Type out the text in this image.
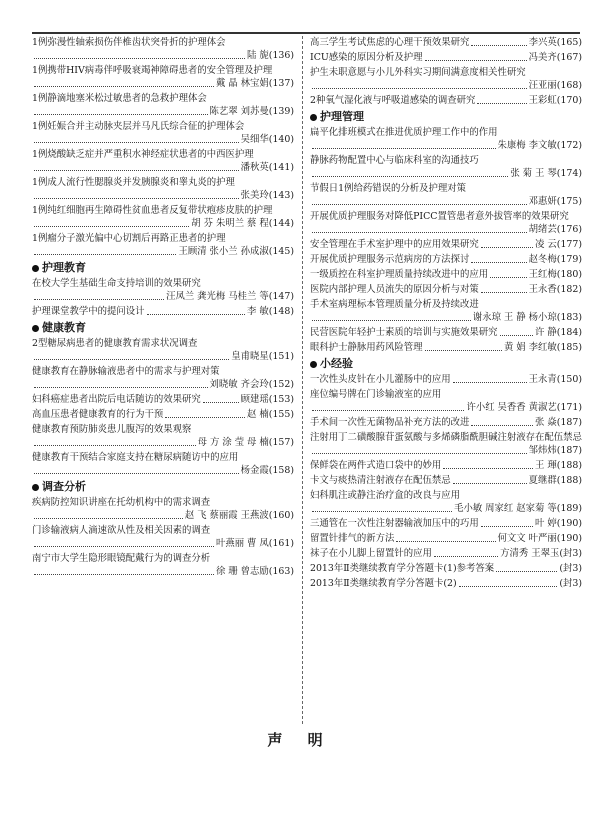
1例弥漫性轴索损伤伴椎齿状突骨折的护理体会
陆 旎 (136)
1例携带HIV病毒伴呼吸衰竭神障碍患者的安全管理及护理
戴 晶 林宝娟 (137)
1例静滴地塞米松过敏患者的急救护理体会
陈艺翠 刘苏曼 (139)
1例妊娠合并主动脉夹层并马凡氏综合征的护理体会
吴细华 (140)
1例烧酸缺乏症并严重积水神经症状患者的中西医护理
潘秋英 (141)
1例成人流行性腮腺炎并发胰腺炎和睾丸炎的护理
张美玲 (143)
1例纯红细胞再生障碍性贫血患者反复带状疱疹皮肤的护理
胡 芬 朱明兰 蔡 程 (144)
1例瘤分子激光偏中心切割后再路正患者的护理
王顾清 张小兰 孙成淑 (145)
护理教育
在校大学生基础生命支持培训的效果研究
汪凤兰 龚光梅 马桂兰 等 (147)
护理课堂教学中的提问设计	李 敏 (148)
健康教育
2型糖尿病患者的健康教育需求状况调查
皇甫晓星 (151)
健康教育在静脉输液患者中的需求与护理对策
刘晓敏 齐会玲 (152)
妇科癌症患者出院后电话随访的效果研究	顾建瑶 (153)
高血压患者健康教育的行为干预	赵 楠 (155)
健康教育预防肺炎患儿腹泻的效果观察
母 方 涂 莹 母 楠 (157)
健康教育干预结合家庭支持在糖尿病随访中的应用
杨金霞 (158)
调查分析
疾病防控知识讲座在托幼机构中的需求调查
赵 飞 蔡丽霞 王燕波 (160)
门诊输液病人滴速欲从性及相关因素的调查
叶燕丽 曹 凤 (161)
南宁市大学生隐形眼镜配戴行为的调查分析
徐 珊 曾志励 (163)
高三学生考试焦虑的心理干预效果研究	李兴英 (165)
ICU感染的原因分析及护理	冯美齐 (167)
护生未职意愿与小儿外科实习期间满意度相关性研究
汪亚丽 (168)
2种氧气湿化液与呼吸道感染的调查研究	王彩虹 (170)
护理管理
扁平化排班模式在推进优质护理工作中的作用
朱康梅 李文敏 (172)
静脉药物配置中心与临床科室的沟通技巧
张 菊 王 琴 (174)
节假日1例给药错误的分析及护理对策
邓惠妍 (175)
开展优质护理服务对降低PICC置管患者意外拔管率的效果研究
胡绪芸 (176)
安全管理在手术室护理中的应用效果研究	凌 云 (177)
开展优质护理服务示范病房的方法探讨	赵冬梅 (179)
一级质控在科室护理质量持续改进中的应用	王红梅 (180)
医院内部护理人员流失的原因分析与对策	王永香 (182)
手术室病理标本管理质量分析及持续改进
谢永琼 王 静 杨小琼 (183)
民营医院年轻护士素质的培训与实施效果研究	许 静 (184)
眼科护士静脉用药风险管理	黄 娟 李红敏 (185)
小经验
一次性头皮针在小儿灌肠中的应用	王永青 (150)
座位编号牌在门诊输液室的应用
许小红 吴香香 黄淑艺 (171)
手术间一次性无菌物品补充方法的改进	张 焱 (187)
注射用丁二磺酸腺苷蛋氨酸与多烯磷脂酰胆碱注射液存在配伍禁忌
邹炜炜 (187)
保鲜袋在两件式造口袋中的妙用	王 琿 (188)
卡文与痰热清注射液存在配伍禁忌	夏继群 (188)
妇科肌注或静注治疗盒的改良与应用
毛小敏 周家红 赵家菊 等 (189)
三通管在一次性注射器输液加压中的巧用	叶 婷 (190)
留置针排气的新方法	何文文 叶严丽 (190)
袜子在小儿脚上留置针的应用	方清秀 王翠玉 (封3)
2013年Ⅱ类继续教育学分答题卡(1)参考答案	(封3)
2013年Ⅱ类继续教育学分答题卡(2)	(封3)
声 明
